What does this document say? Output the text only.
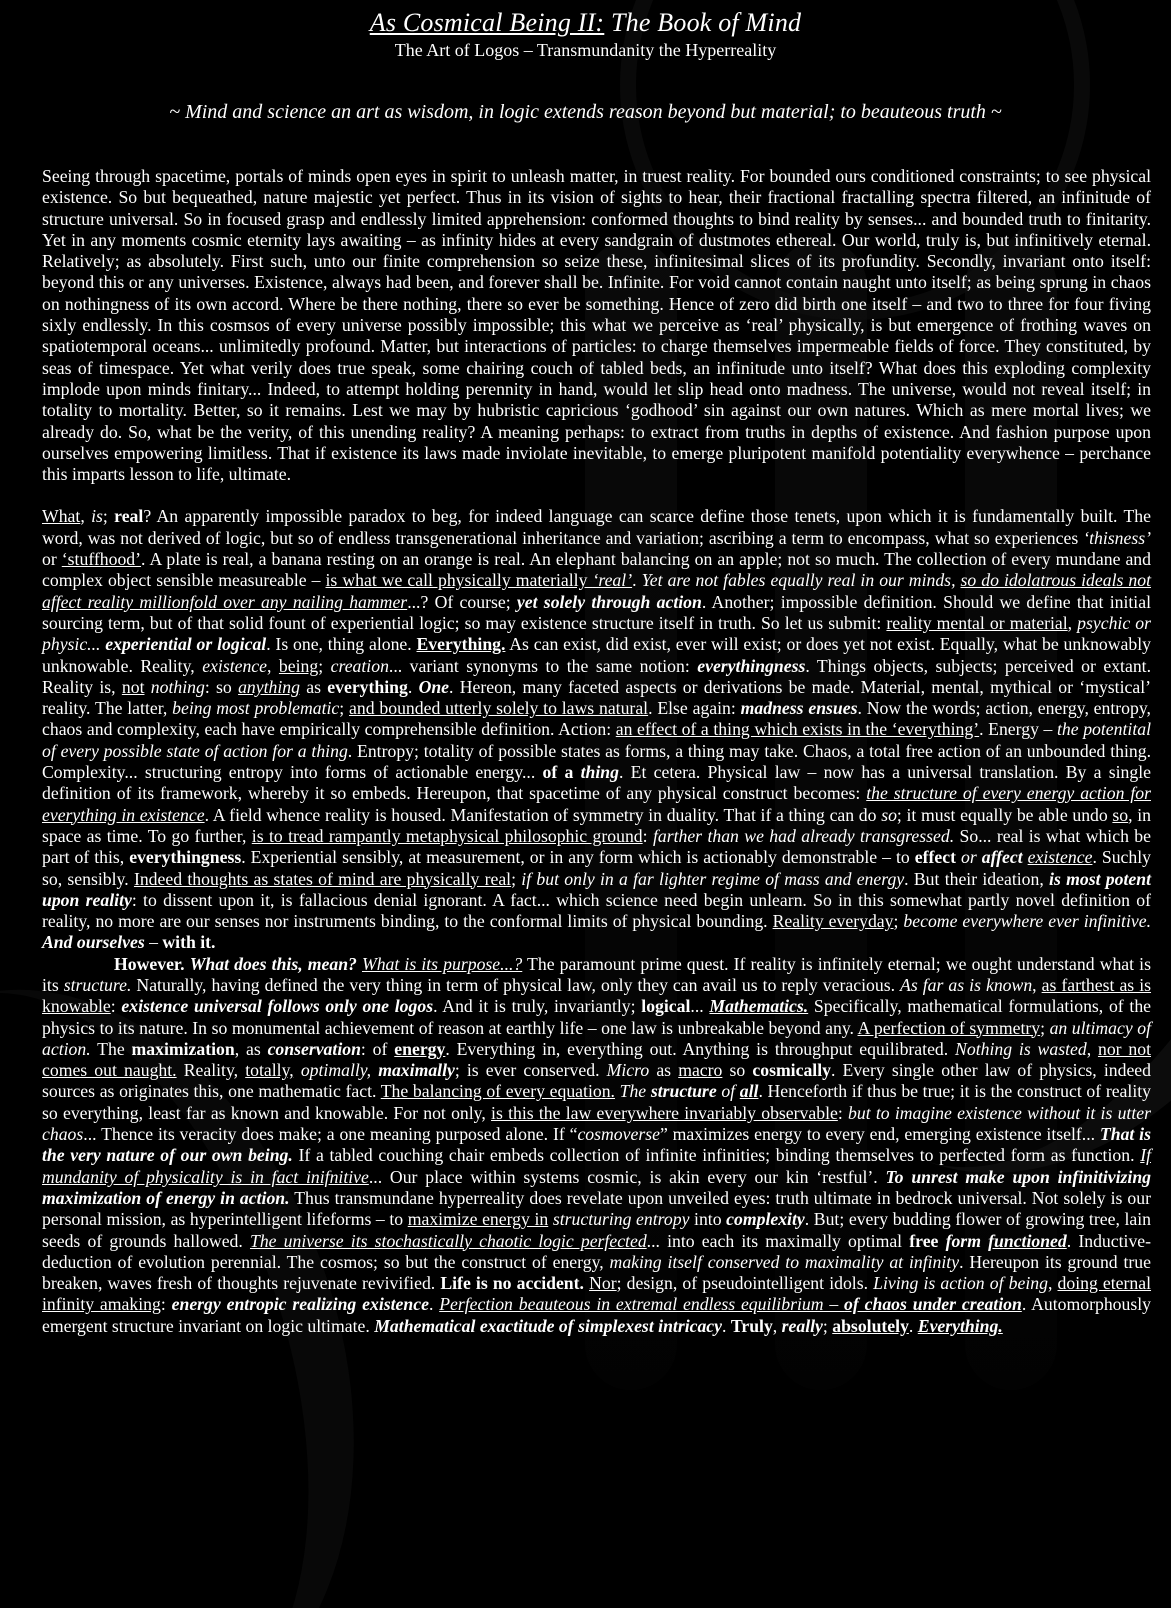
As Cosmical Being II: The Book of Mind
The Art of Logos – Transmundanity the Hyperreality
~ Mind and science an art as wisdom, in logic extends reason beyond but material; to beauteous truth ~

Seeing through spacetime, portals of minds open eyes in spirit to unleash matter, in truest reality. For bounded ours conditioned constraints; to see physical existence. So but bequeathed, nature majestic yet perfect. Thus in its vision of sights to hear, their fractional fractalling spectra filtered, an infinitude of structure universal. So in focused grasp and endlessly limited apprehension: conformed thoughts to bind reality by senses... and bounded truth to finitarity. Yet in any moments cosmic eternity lays awaiting – as infinity hides at every sandgrain of dustmotes ethereal. Our world, truly is, but infinitively eternal. Relatively; as absolutely. First such, unto our finite comprehension so seize these, infinitesimal slices of its profundity. Secondly, invariant onto itself: beyond this or any universes. Existence, always had been, and forever shall be. Infinite. For void cannot contain naught unto itself; as being sprung in chaos on nothingness of its own accord. Where be there nothing, there so ever be something. Hence of zero did birth one itself – and two to three for four fiving sixly endlessly. In this cosmsos of every universe possibly impossible; this what we perceive as ‘real’ physically, is but emergence of frothing waves on spatiotemporal oceans... unlimitedly profound. Matter, but interactions of particles: to charge themselves impermeable fields of force. They constituted, by seas of timespace. Yet what verily does true speak, some chairing couch of tabled beds, an infinitude unto itself? What does this exploding complexity implode upon minds finitary... Indeed, to attempt holding perennity in hand, would let slip head onto madness. The universe, would not reveal itself; in totality to mortality. Better, so it remains. Lest we may by hubristic capricious ‘godhood’ sin against our own natures. Which as mere mortal lives; we already do. So, what be the verity, of this unending reality? A meaning perhaps: to extract from truths in depths of existence. And fashion purpose upon ourselves empowering limitless. That if existence its laws made inviolate inevitable, to emerge pluripotent manifold potentiality everywhence – perchance this imparts lesson to life, ultimate.

What, is; real? An apparently impossible paradox to beg, for indeed language can scarce define those tenets, upon which it is fundamentally built. The word, was not derived of logic, but so of endless transgenerational inheritance and variation; ascribing a term to encompass, what so experiences ‘thisness’ or ‘stuffhood’. A plate is real, a banana resting on an orange is real. An elephant balancing on an apple; not so much. The collection of every mundane and complex object sensible measureable – is what we call physically materially ‘real’. Yet are not fables equally real in our minds, so do idolatrous ideals not affect reality millionfold over any nailing hammer...? Of course; yet solely through action. Another; impossible definition. Should we define that initial sourcing term, but of that solid fount of experiential logic; so may existence structure itself in truth. So let us submit: reality mental or material, psychic or physic... experiential or logical. Is one, thing alone. Everything. As can exist, did exist, ever will exist; or does yet not exist. Equally, what be unknowably unknowable. Reality, existence, being; creation... variant synonyms to the same notion: everythingness. Things objects, subjects; perceived or extant. Reality is, not nothing: so anything as everything. One. Hereon, many faceted aspects or derivations be made. Material, mental, mythical or ‘mystical’ reality. The latter, being most problematic; and bounded utterly solely to laws natural. Else again: madness ensues. Now the words; action, energy, entropy, chaos and complexity, each have empirically comprehensible definition. Action: an effect of a thing which exists in the ‘everything’. Energy – the potentital of every possible state of action for a thing. Entropy; totality of possible states as forms, a thing may take. Chaos, a total free action of an unbounded thing. Complexity... structuring entropy into forms of actionable energy... of a thing. Et cetera. Physical law – now has a universal translation. By a single definition of its framework, whereby it so embeds. Hereupon, that spacetime of any physical construct becomes: the structure of every energy action for everything in existence. A field whence reality is housed. Manifestation of symmetry in duality. That if a thing can do so; it must equally be able undo so, in space as time. To go further, is to tread rampantly metaphysical philosophic ground: farther than we had already transgressed. So... real is what which be part of this, everythingness. Experiential sensibly, at measurement, or in any form which is actionably demonstrable – to effect or affect existence. Suchly so, sensibly. Indeed thoughts as states of mind are physically real; if but only in a far lighter regime of mass and energy. But their ideation, is most potent upon reality: to dissent upon it, is fallacious denial ignorant. A fact... which science need begin unlearn. So in this somewhat partly novel definition of reality, no more are our senses nor instruments binding, to the conformal limits of physical bounding. Reality everyday; become everywhere ever infinitive. And ourselves – with it.

However. What does this, mean? What is its purpose...? The paramount prime quest. If reality is infinitely eternal; we ought understand what is its structure. Naturally, having defined the very thing in term of physical law, only they can avail us to reply veracious. As far as is known, as farthest as is knowable: existence universal follows only one logos. And it is truly, invariantly; logical... Mathematics. Specifically, mathematical formulations, of the physics to its nature. In so monumental achievement of reason at earthly life – one law is unbreakable beyond any. A perfection of symmetry; an ultimacy of action. The maximization, as conservation: of energy. Everything in, everything out. Anything is throughput equilibrated. Nothing is wasted, nor not comes out naught. Reality, totally, optimally, maximally; is ever conserved. Micro as macro so cosmically. Every single other law of physics, indeed sources as originates this, one mathematic fact. The balancing of every equation. The structure of all. Henceforth if thus be true; it is the construct of reality so everything, least far as known and knowable. For not only, is this the law everywhere invariably observable: but to imagine existence without it is utter chaos... Thence its veracity does make; a one meaning purposed alone. If “cosmoverse” maximizes energy to every end, emerging existence itself... That is the very nature of our own being. If a tabled couching chair embeds collection of infinite infinities; binding themselves to perfected form as function. If mundanity of physicality is in fact inifnitive... Our place within systems cosmic, is akin every our kin ‘restful’. To unrest make upon infinitivizing maximization of energy in action. Thus transmundane hyperreality does revelate upon unveiled eyes: truth ultimate in bedrock universal. Not solely is our personal mission, as hyperintelligent lifeforms – to maximize energy in structuring entropy into complexity. But; every budding flower of growing tree, lain seeds of grounds hallowed. The universe its stochastically chaotic logic perfected... into each its maximally optimal free form functioned. Inductive-deduction of evolution perennial. The cosmos; so but the construct of energy, making itself conserved to maximality at infinity. Hereupon its ground true breaken, waves fresh of thoughts rejuvenate revivified. Life is no accident. Nor; design, of pseudointelligent idols. Living is action of being, doing eternal infinity amaking: energy entropic realizing existence. Perfection beauteous in extremal endless equilibrium – of chaos under creation. Automorphously emergent structure invariant on logic ultimate. Mathematical exactitude of simplexest intricacy. Truly, really; absolutely. Everything.
